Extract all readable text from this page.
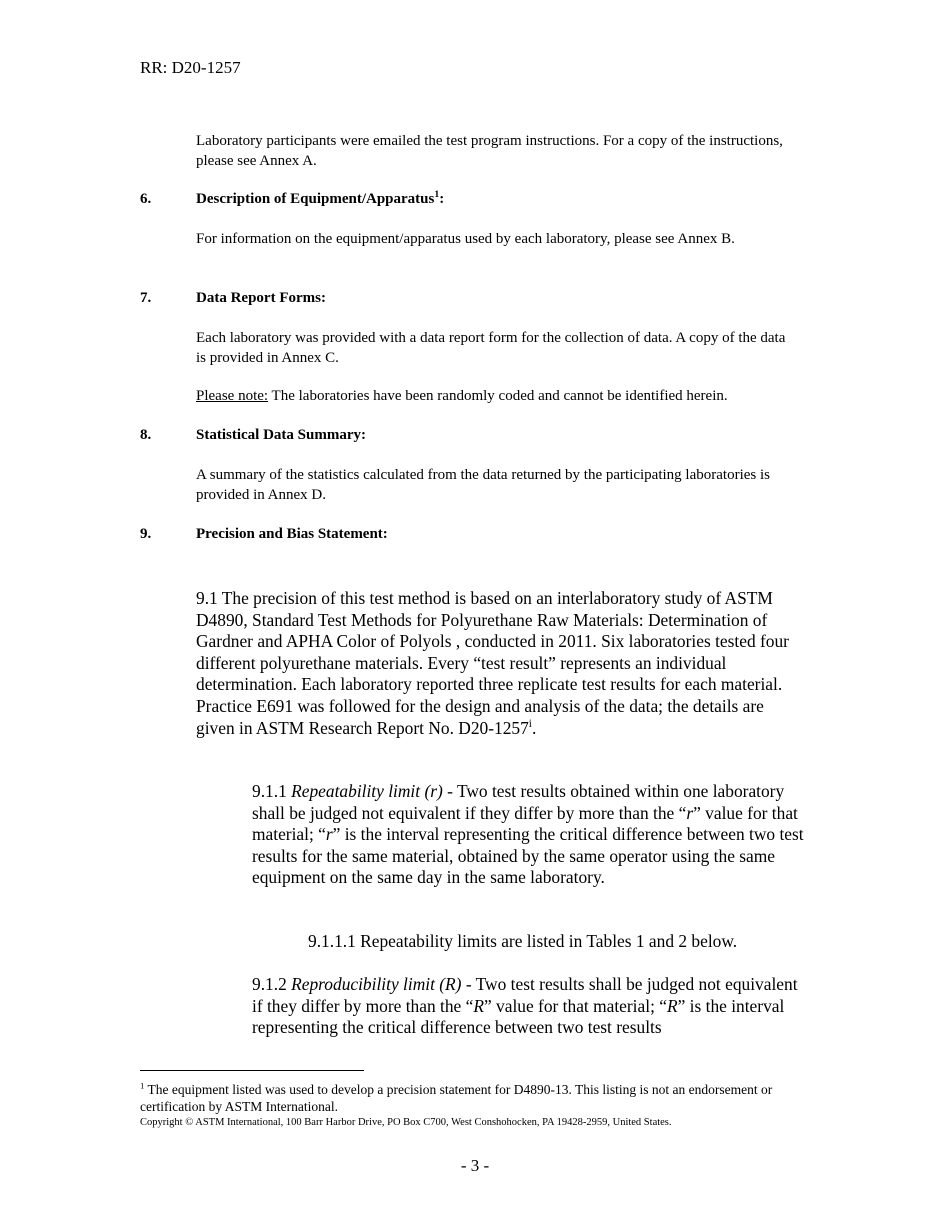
RR: D20-1257
Laboratory participants were emailed the test program instructions. For a copy of the instructions, please see Annex A.
6.	Description of Equipment/Apparatus$^1$:
For information on the equipment/apparatus used by each laboratory, please see Annex B.
7.	Data Report Forms:
Each laboratory was provided with a data report form for the collection of data. A copy of the data is provided in Annex C.
Please note: The laboratories have been randomly coded and cannot be identified herein.
8.	Statistical Data Summary:
A summary of the statistics calculated from the data returned by the participating laboratories is provided in Annex D.
9.	Precision and Bias Statement:
9.1 The precision of this test method is based on an interlaboratory study of ASTM D4890, Standard Test Methods for Polyurethane Raw Materials: Determination of Gardner and APHA Color of Polyols , conducted in 2011. Six laboratories tested four different polyurethane materials. Every “test result” represents an individual determination. Each laboratory reported three replicate test results for each material. Practice E691 was followed for the design and analysis of the data; the details are given in ASTM Research Report No. D20-1257$^i$.
9.1.1 Repeatability limit (r) - Two test results obtained within one laboratory shall be judged not equivalent if they differ by more than the “r” value for that material; “r” is the interval representing the critical difference between two test results for the same material, obtained by the same operator using the same equipment on the same day in the same laboratory.
9.1.1.1 Repeatability limits are listed in Tables 1 and 2 below.
9.1.2 Reproducibility limit (R) - Two test results shall be judged not equivalent if they differ by more than the “R” value for that material; “R” is the interval representing the critical difference between two test results
$^1$ The equipment listed was used to develop a precision statement for D4890-13. This listing is not an endorsement or certification by ASTM International.
Copyright © ASTM International, 100 Barr Harbor Drive, PO Box C700, West Conshohocken, PA 19428-2959, United States.
- 3 -
